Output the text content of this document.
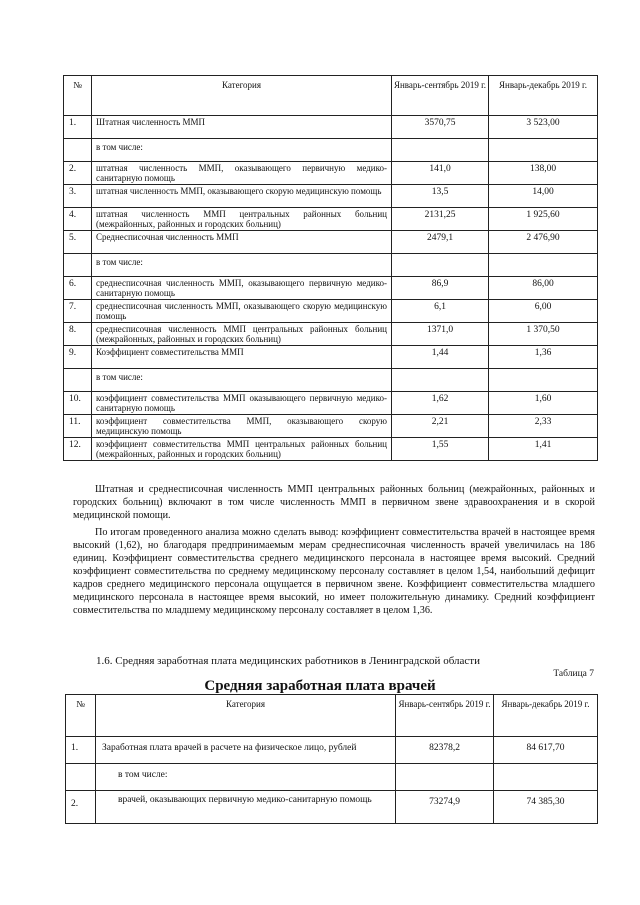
№	Категория	Январь-сентябрь 2019 г.	Январь-декабрь 2019 г.
1.	Штатная численность ММП	3570,75	3 523,00
	в том числе:		
2.	штатная численность ММП, оказывающего первичную медико-санитарную помощь	141,0	138,00
3.	штатная численность ММП, оказывающего скорую медицинскую помощь	13,5	14,00
4.	штатная численность ММП центральных районных больниц (межрайонных, районных и городских больниц)	2131,25	1 925,60
5.	Среднесписочная численность ММП	2479,1	2 476,90
	в том числе:		
6.	среднесписочная численность ММП, оказывающего первичную медико-санитарную помощь	86,9	86,00
7.	среднесписочная численность ММП, оказывающего скорую медицинскую помощь	6,1	6,00
8.	среднесписочная численность ММП центральных районных больниц (межрайонных, районных и городских больниц)	1371,0	1 370,50
9.	Коэффициент совместительства ММП	1,44	1,36
	в том числе:		
10.	коэффициент совместительства ММП оказывающего первичную медико-санитарную помощь	1,62	1,60
11.	коэффициент совместительства ММП, оказывающего скорую медицинскую помощь	2,21	2,33
12.	коэффициент совместительства ММП центральных районных больниц (межрайонных, районных и городских больниц)	1,55	1,41

Штатная и среднесписочная численность ММП центральных районных больниц (межрайонных, районных и городских больниц) включают в том числе численность ММП в первичном звене здравоохранения и в скорой медицинской помощи.

По итогам проведенного анализа можно сделать вывод: коэффициент совместительства врачей в настоящее время высокий (1,62), но благодаря предпринимаемым мерам среднесписочная численность врачей увеличилась на 186 единиц. Коэффициент совместительства среднего медицинского персонала в настоящее время высокий. Средний коэффициент совместительства по среднему медицинскому персоналу составляет в целом 1,54, наибольший дефицит кадров среднего медицинского персонала ощущается в первичном звене. Коэффициент совместительства младшего медицинского персонала в настоящее время высокий, но имеет положительную динамику. Средний коэффициент совместительства по младшему медицинскому персоналу составляет в целом 1,36.

1.6. Средняя заработная плата медицинских работников в Ленинградской области
Таблица 7
Средняя заработная плата врачей
№	Категория	Январь-сентябрь 2019 г.	Январь-декабрь 2019 г.
1.	Заработная плата врачей в расчете на физическое лицо, рублей	82378,2	84 617,70
	в том числе:		
2.	врачей, оказывающих первичную медико-санитарную помощь	73274,9	74 385,30
